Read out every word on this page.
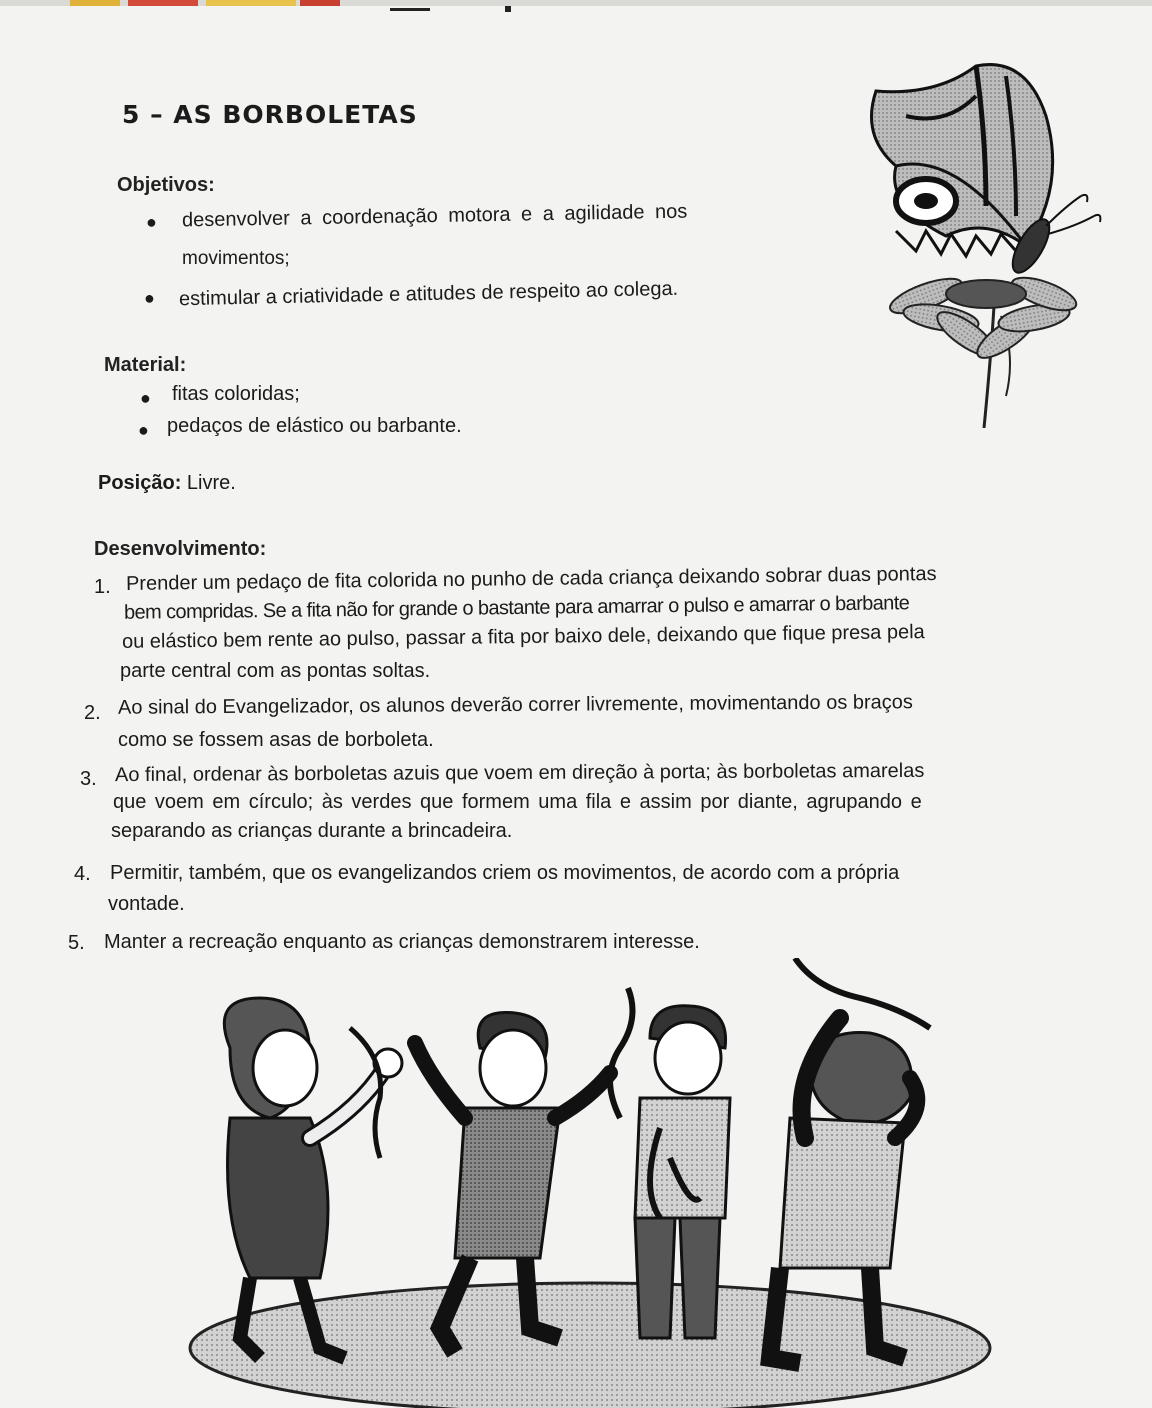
5 – AS BORBOLETAS
Objetivos:
● desenvolver a coordenação motora e a agilidade nos
movimentos;
● estimular a criatividade e atitudes de respeito ao colega.
Material:
● fitas coloridas;
● pedaços de elástico ou barbante.
Posição: Livre.
Desenvolvimento:
1. Prender um pedaço de fita colorida no punho de cada criança deixando sobrar duas pontas
bem compridas. Se a fita não for grande o bastante para amarrar o pulso e amarrar o barbante
ou elástico bem rente ao pulso, passar a fita por baixo dele, deixando que fique presa pela
parte central com as pontas soltas.
2. Ao sinal do Evangelizador, os alunos deverão correr livremente, movimentando os braços
como se fossem asas de borboleta.
3. Ao final, ordenar às borboletas azuis que voem em direção à porta; às borboletas amarelas
que voem em círculo; às verdes que formem uma fila e assim por diante, agrupando e
separando as crianças durante a brincadeira.
4. Permitir, também, que os evangelizandos criem os movimentos, de acordo com a própria
vontade.
5. Manter a recreação enquanto as crianças demonstrarem interesse.
